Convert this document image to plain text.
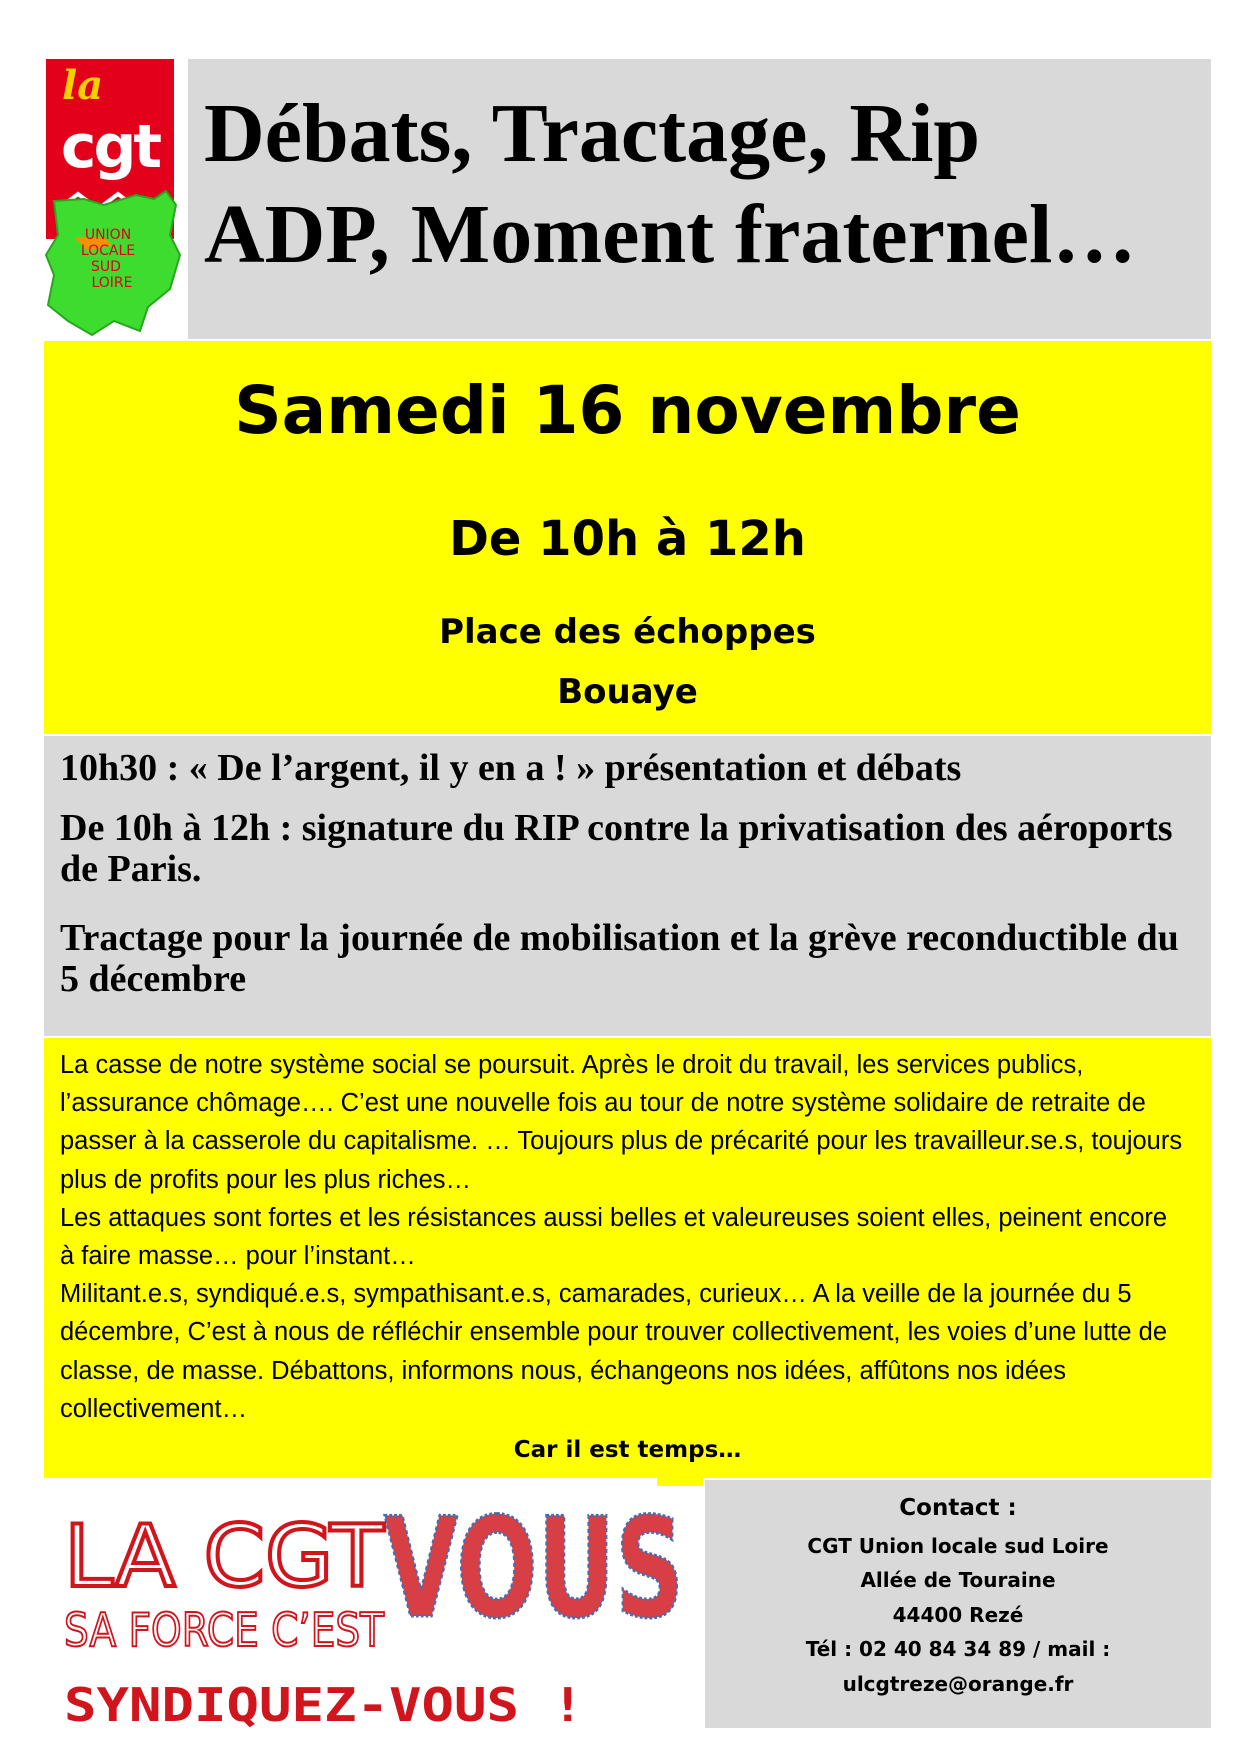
la
cgt
UNION
LOCALE
SUD
LOIRE
Débats, Tractage, Rip
ADP, Moment fraternel…
Samedi 16 novembre
De 10h à 12h
Place des échoppes
Bouaye
10h30 : « De l’argent, il y en a ! » présentation et débats
De 10h à 12h : signature du RIP contre la privatisation des aéroports de Paris.
Tractage pour la journée de mobilisation et la grève reconductible du 5 décembre
La casse de notre système social se poursuit. Après le droit du travail, les services publics, l’assurance chômage…. C’est une nouvelle fois au tour de notre système solidaire de retraite de passer à la casserole du capitalisme. … Toujours plus de précarité pour les travailleur.se.s, toujours plus de profits pour les plus riches…
Les attaques sont fortes et les résistances aussi belles et valeureuses soient elles, peinent encore à faire masse… pour l’instant…
Militant.e.s, syndiqué.e.s, sympathisant.e.s, camarades, curieux… A la veille de la journée du 5 décembre, C’est à nous de réfléchir ensemble pour trouver collectivement, les voies d’une lutte de classe, de masse. Débattons, informons nous, échangeons nos idées, affûtons nos idées collectivement…
Car il est temps…
LA CGT VOUS
SA FORCE C’EST
SYNDIQUEZ-VOUS !
Contact :
CGT Union locale sud Loire
Allée de Touraine
44400 Rezé
Tél : 02 40 84 34 89 / mail :
ulcgtreze@orange.fr
